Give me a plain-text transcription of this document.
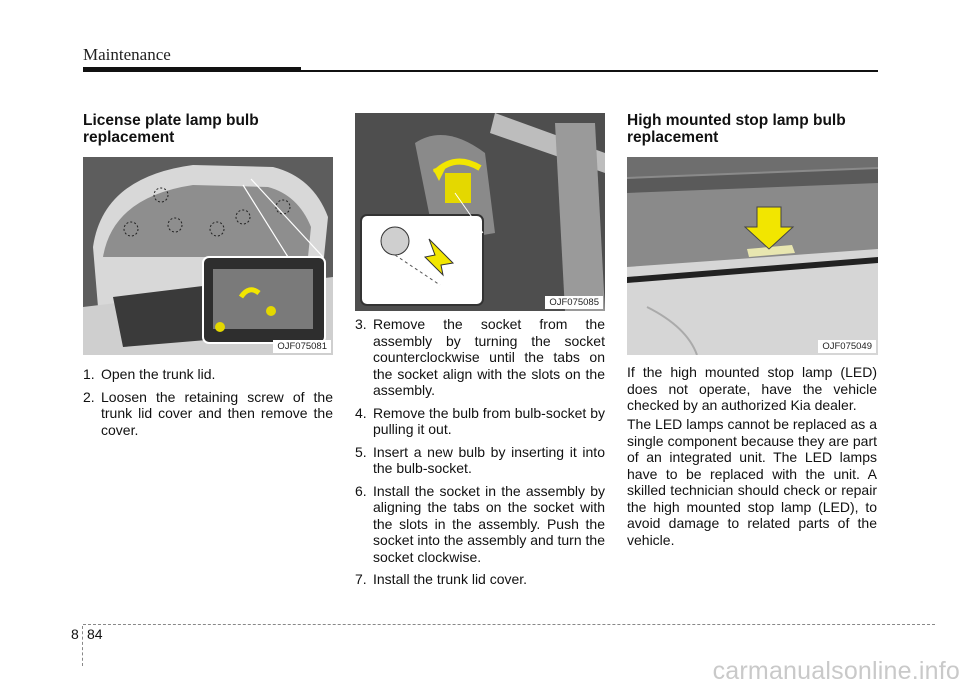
Maintenance
License plate lamp bulb replacement
OJF075081
1. Open the trunk lid.
2. Loosen the retaining screw of the trunk lid cover and then remove the cover.
OJF075085
3. Remove the socket from the assembly by turning the socket counterclockwise until the tabs on the socket align with the slots on the assembly.
4. Remove the bulb from bulb-socket by pulling it out.
5. Insert a new bulb by inserting it into the bulb-socket.
6. Install the socket in the assembly by aligning the tabs on the socket with the slots in the assembly. Push the socket into the assembly and turn the socket clockwise.
7. Install the trunk lid cover.
High mounted stop lamp bulb replacement
OJF075049

If the high mounted stop lamp (LED) does not operate, have the vehicle checked by an authorized Kia dealer.

The LED lamps cannot be replaced as a single component because they are part of an integrated unit. The LED lamps have to be replaced with the unit. A skilled technician should check or repair the high mounted stop lamp (LED), to avoid damage to related parts of the vehicle.

8 84
carmanualsonline.info
